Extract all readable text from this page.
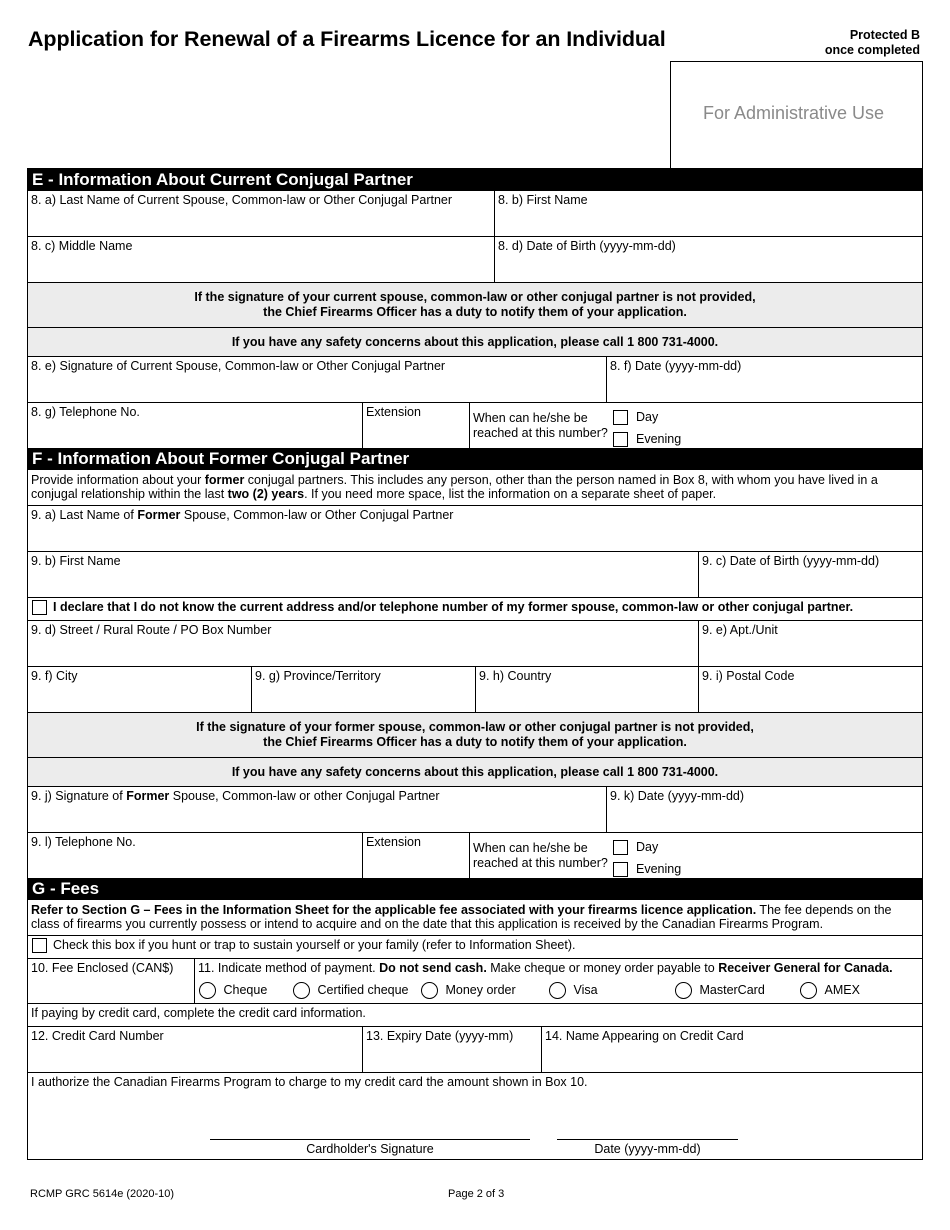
Application for Renewal of a Firearms Licence for an Individual	Protected B
once completed
For Administrative Use
E - Information About Current Conjugal Partner
8. a) Last Name of Current Spouse, Common-law or Other Conjugal Partner	8. b) First Name
8. c) Middle Name	8. d) Date of Birth (yyyy-mm-dd)
If the signature of your current spouse, common-law or other conjugal partner is not provided,
the Chief Firearms Officer has a duty to notify them of your application.
If you have any safety concerns about this application, please call 1 800 731-4000.
8. e) Signature of Current Spouse, Common-law or Other Conjugal Partner	8. f) Date (yyyy-mm-dd)
8. g) Telephone No.	Extension	When can he/she be
reached at this number?
Day
Evening
F - Information About Former Conjugal Partner
Provide information about your former conjugal partners. This includes any person, other than the person named in Box 8, with whom you have lived in a conjugal relationship within the last two (2) years. If you need more space, list the information on a separate sheet of paper.
9. a) Last Name of Former Spouse, Common-law or Other Conjugal Partner
9. b) First Name	9. c) Date of Birth (yyyy-mm-dd)
I declare that I do not know the current address and/or telephone number of my former spouse, common-law or other conjugal partner.
9. d) Street / Rural Route / PO Box Number	9. e) Apt./Unit
9. f) City	9. g) Province/Territory	9. h) Country	9. i) Postal Code
If the signature of your former spouse, common-law or other conjugal partner is not provided,
the Chief Firearms Officer has a duty to notify them of your application.
If you have any safety concerns about this application, please call 1 800 731-4000.
9. j) Signature of Former Spouse, Common-law or other Conjugal Partner	9. k) Date (yyyy-mm-dd)
9. l) Telephone No.	Extension	When can he/she be
reached at this number?
Day
Evening
G - Fees
Refer to Section G – Fees in the Information Sheet for the applicable fee associated with your firearms licence application. The fee depends on the class of firearms you currently possess or intend to acquire and on the date that this application is received by the Canadian Firearms Program.
Check this box if you hunt or trap to sustain yourself or your family (refer to Information Sheet).
10. Fee Enclosed (CAN$)	11. Indicate method of payment. Do not send cash. Make cheque or money order payable to Receiver General for Canada.
Cheque	Certified cheque	Money order	Visa	MasterCard	AMEX
If paying by credit card, complete the credit card information.
12. Credit Card Number	13. Expiry Date (yyyy-mm)	14. Name Appearing on Credit Card
I authorize the Canadian Firearms Program to charge to my credit card the amount shown in Box 10.
Cardholder's Signature	Date (yyyy-mm-dd)
RCMP GRC 5614e (2020-10)	Page 2 of 3
